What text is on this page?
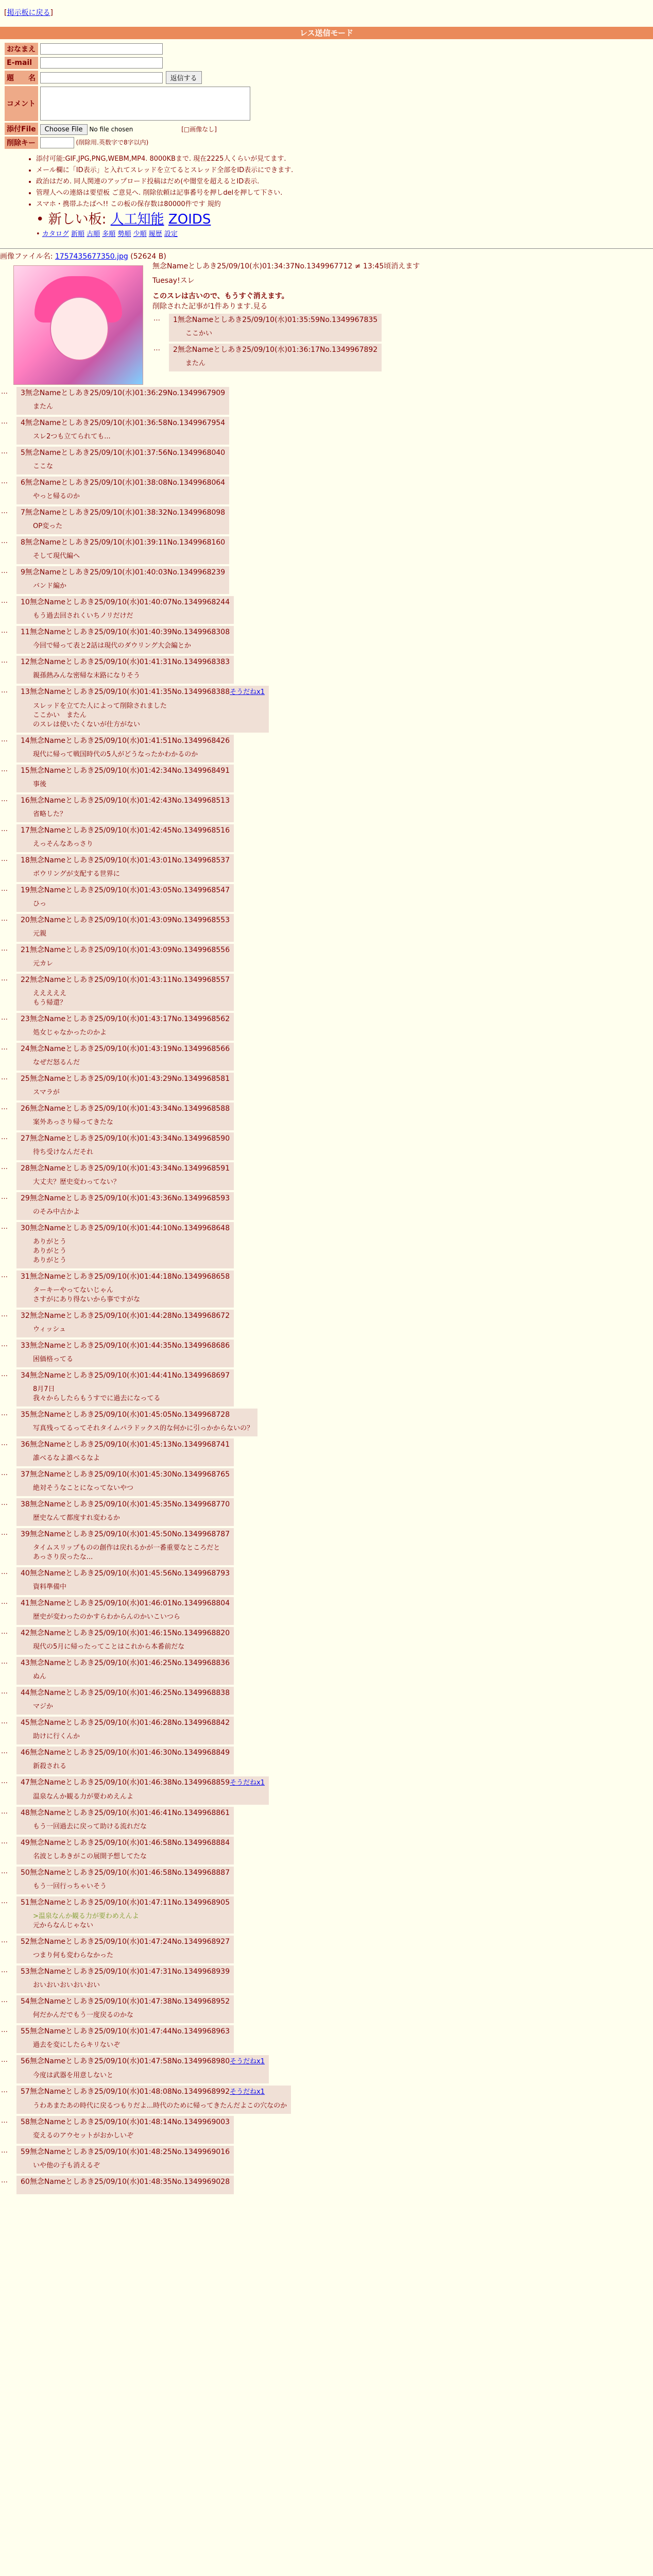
[掲示板に戻る]
レス送信モード
おなまえ	

E-mail	

題　　名		返信する

コメント	

添付File	Choose File No file chosen [□画像なし]
削除キー	(削除用.英数字で8字以内)
• 添付可能:GIF,JPG,PNG,WEBM,MP4. 8000KBまで. 現在2225人くらいが見てます.
• メール欄に「ID表示」と入れてスレッドを立てるとスレッド全部をID表示にできます.
• 政治はだめ. 同人関連のアップロード投稿はだめ(や闇堂を超えるとID表示.
• 管理人への連絡は要望板 ご意見へ. 削除依頼は記事番号を押しdelを押して下さい.
• スマホ・携帯ふたばへ!! この板の保存数は80000件です 規約
• 新しい板: 人工知能 ZOIDS
• カタログ 新順 古順 多順 勢順 少順 履歴 設定
画像ファイル名: 1757435677350.jpg (52624 B)
無念Nameとしあき25/09/10(水)01:34:37No.1349967712 ≠ 13:45頃消えます
Tuesay!スレ
このスレは古いので、もうすぐ消えます。
削除された記事が1件あります.見る
…	1無念Nameとしあき25/09/10(水)01:35:59No.1349967835
ここかい
…	2無念Nameとしあき25/09/10(水)01:36:17No.1349967892
またん
…	3無念Nameとしあき25/09/10(水)01:36:29No.1349967909
またん
…	4無念Nameとしあき25/09/10(水)01:36:58No.1349967954
スレ2つも立てられても...
…	5無念Nameとしあき25/09/10(水)01:37:56No.1349968040
ここな
…	6無念Nameとしあき25/09/10(水)01:38:08No.1349968064
やっと帰るのか
…	7無念Nameとしあき25/09/10(水)01:38:32No.1349968098
OP変った
…	8無念Nameとしあき25/09/10(水)01:39:11No.1349968160
そして現代編へ
…	9無念Nameとしあき25/09/10(水)01:40:03No.1349968239
バンド編か
…	10無念Nameとしあき25/09/10(水)01:40:07No.1349968244
もう過去回されくいちノリだけだ
…	11無念Nameとしあき25/09/10(水)01:40:39No.1349968308
今回で帰って表と2話は現代のダウリング大会編とか
…	12無念Nameとしあき25/09/10(水)01:41:31No.1349968383
親孫熱みんな密帰な末路になりそう
…	13無念Nameとしあき25/09/10(水)01:41:35No.1349968388そうだねx1
スレッドを立てた人によって削除されました
ここかい　またん
のスレは使いたくないが仕方がない
…	14無念Nameとしあき25/09/10(水)01:41:51No.1349968426
現代に帰って戦国時代の5人がどうなったかわかるのか
…	15無念Nameとしあき25/09/10(水)01:42:34No.1349968491
事後
…	16無念Nameとしあき25/09/10(水)01:42:43No.1349968513
省略した？
…	17無念Nameとしあき25/09/10(水)01:42:45No.1349968516
えっそんなあっさり
…	18無念Nameとしあき25/09/10(水)01:43:01No.1349968537
ボウリングが支配する世界に
…	19無念Nameとしあき25/09/10(水)01:43:05No.1349968547
ひっ
…	20無念Nameとしあき25/09/10(水)01:43:09No.1349968553
元親
…	21無念Nameとしあき25/09/10(水)01:43:09No.1349968556
元カレ
…	22無念Nameとしあき25/09/10(水)01:43:11No.1349968557
えええええ
もう帰還？
…	23無念Nameとしあき25/09/10(水)01:43:17No.1349968562
処女じゃなかったのかよ
…	24無念Nameとしあき25/09/10(水)01:43:19No.1349968566
なぜだ怒るんだ
…	25無念Nameとしあき25/09/10(水)01:43:29No.1349968581
スマラが
…	26無念Nameとしあき25/09/10(水)01:43:34No.1349968588
案外あっさり帰ってきたな
…	27無念Nameとしあき25/09/10(水)01:43:34No.1349968590
待ち受けなんだそれ
…	28無念Nameとしあき25/09/10(水)01:43:34No.1349968591
大丈夫？歴史変わってない？
…	29無念Nameとしあき25/09/10(水)01:43:36No.1349968593
のそみ中古かよ
…	30無念Nameとしあき25/09/10(水)01:44:10No.1349968648
ありがとう
ありがとう
ありがとう
…	31無念Nameとしあき25/09/10(水)01:44:18No.1349968658
ターキーやってないじゃん
さすがにあり得ないから事ですがな
…	32無念Nameとしあき25/09/10(水)01:44:28No.1349968672
ウィッシュ
…	33無念Nameとしあき25/09/10(水)01:44:35No.1349968686
困価格ってる
…	34無念Nameとしあき25/09/10(水)01:44:41No.1349968697
8月7日
我々からしたらもうすでに過去になってる
…	35無念Nameとしあき25/09/10(水)01:45:05No.1349968728
写真残ってるってそれタイムパラドックス的な何かに引っかからないの？
…	36無念Nameとしあき25/09/10(水)01:45:13No.1349968741
誰べるなよ誰べるなよ
…	37無念Nameとしあき25/09/10(水)01:45:30No.1349968765
絶対そうなことになってないやつ
…	38無念Nameとしあき25/09/10(水)01:45:35No.1349968770
歴史なんて都度すれ変わるか
…	39無念Nameとしあき25/09/10(水)01:45:50No.1349968787
タイムスリップものの創作は戻れるかが一番重要なところだと
あっさり戻ったな...
…	40無念Nameとしあき25/09/10(水)01:45:56No.1349968793
資料準備中
…	41無念Nameとしあき25/09/10(水)01:46:01No.1349968804
歴史が変わったのかすらわからんのかいこいつら
…	42無念Nameとしあき25/09/10(水)01:46:15No.1349968820
現代の5月に帰ったってことはこれから本番前だな
…	43無念Nameとしあき25/09/10(水)01:46:25No.1349968836
ぬん
…	44無念Nameとしあき25/09/10(水)01:46:25No.1349968838
マジか
…	45無念Nameとしあき25/09/10(水)01:46:28No.1349968842
助けに行くんか
…	46無念Nameとしあき25/09/10(水)01:46:30No.1349968849
新殺される
…	47無念Nameとしあき25/09/10(水)01:46:38No.1349968859そうだねx1
温泉なんか観る力が要わめえんよ
…	48無念Nameとしあき25/09/10(水)01:46:41No.1349968861
もう一回過去に戻って助ける流れだな
…	49無念Nameとしあき25/09/10(水)01:46:58No.1349968884
名波としあきがこの展開予想してたな
…	50無念Nameとしあき25/09/10(水)01:46:58No.1349968887
もう一回行っちゃいそう
…	51無念Nameとしあき25/09/10(水)01:47:11No.1349968905
>温泉なんか観る力が要わめえんよ
元からなんじゃない
…	52無念Nameとしあき25/09/10(水)01:47:24No.1349968927
つまり何も変わらなかった
…	53無念Nameとしあき25/09/10(水)01:47:31No.1349968939
おいおいおいおいおい
…	54無念Nameとしあき25/09/10(水)01:47:38No.1349968952
何だかんだでもう一度戻るのかな
…	55無念Nameとしあき25/09/10(水)01:47:44No.1349968963
過去を変にしたらキリないぞ
…	56無念Nameとしあき25/09/10(水)01:47:58No.1349968980そうだねx1
今度は武器を用意しないと
…	57無念Nameとしあき25/09/10(水)01:48:08No.1349968992そうだねx1
うわあまたあの時代に戻るつもりだよ...時代のために帰ってきたんだよこの穴なのか
…	58無念Nameとしあき25/09/10(水)01:48:14No.1349969003
変えるのアウセットがおかしいぞ
…	59無念Nameとしあき25/09/10(水)01:48:25No.1349969016
いや他の子も消えるぞ
…	60無念Nameとしあき25/09/10(水)01:48:35No.1349969028
